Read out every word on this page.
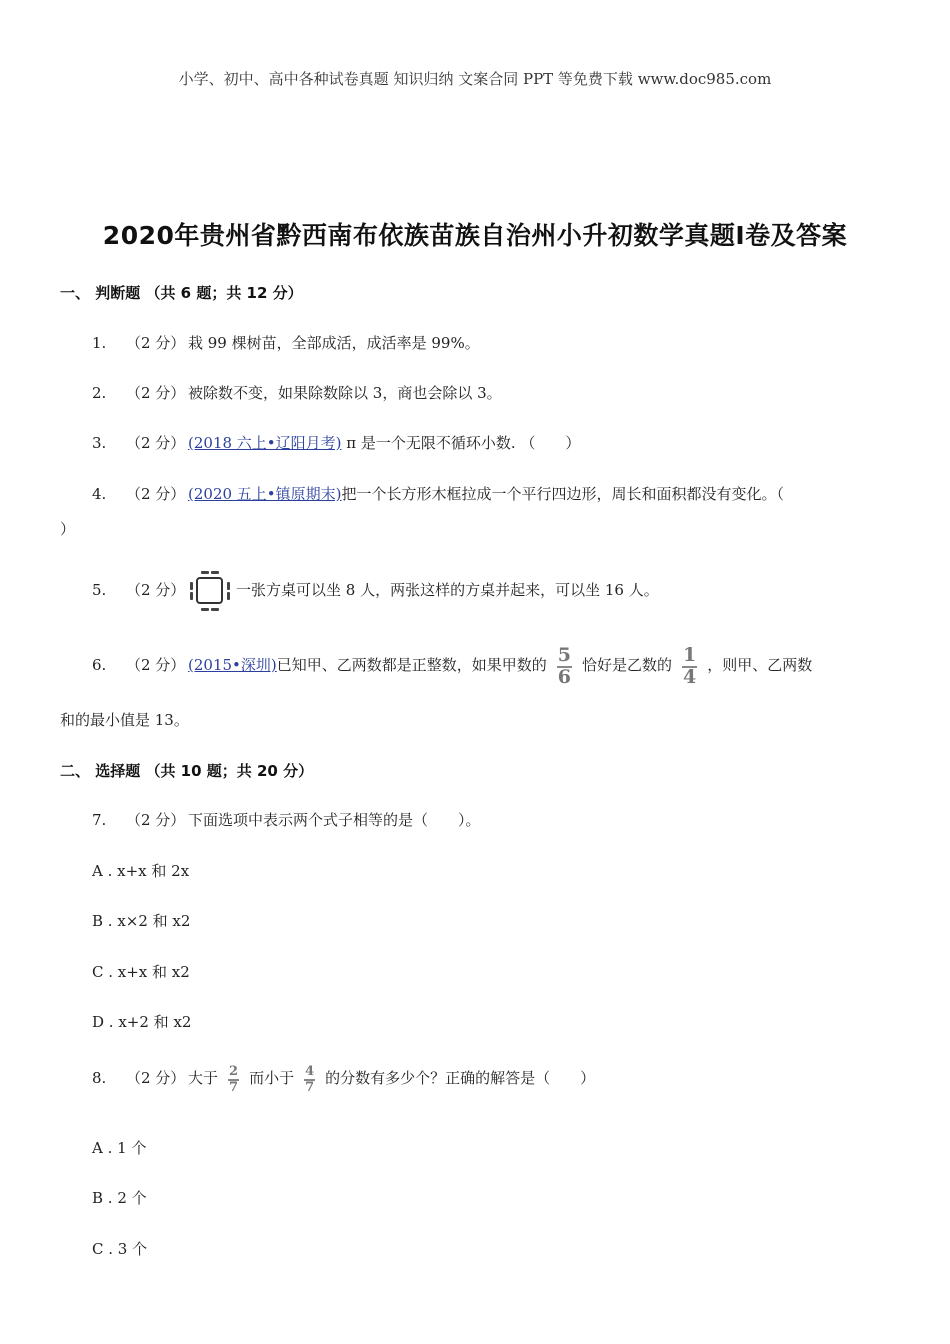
小学、初中、高中各种试卷真题 知识归纳 文案合同 PPT 等免费下载 www.doc985.com
2020年贵州省黔西南布依族苗族自治州小升初数学真题Ⅰ卷及答案
一、 判断题 （共 6 题；共 12 分）
1. （2 分） 栽 99 棵树苗，全部成活，成活率是 99%。
2. （2 分） 被除数不变，如果除数除以 3，商也会除以 3。
3. （2 分） (2018 六上•辽阳月考) π 是一个无限不循环小数. （　　）
4. （2 分） (2020 五上•镇原期末)把一个长方形木框拉成一个平行四边形，周长和面积都没有变化。（
）
5. （2 分）	一张方桌可以坐 8 人，两张这样的方桌并起来，可以坐 16 人。
6. （2 分） (2015•深圳)已知甲、乙两数都是正整数，如果甲数的 $\frac{5}{6}$ 恰好是乙数的 $\frac{1}{4}$ ，则甲、乙两数
和的最小值是 13。
二、 选择题 （共 10 题；共 20 分）
7. （2 分） 下面选项中表示两个式子相等的是（　　）。
A . x+x 和 2x
B . x×2 和 x2
C . x+x 和 x2
D . x+2 和 x2
8. （2 分） 大于 $\frac{2}{7}$ 而小于 $\frac{4}{7}$ 的分数有多少个？正确的解答是（　　）
A . 1 个
B . 2 个
C . 3 个
